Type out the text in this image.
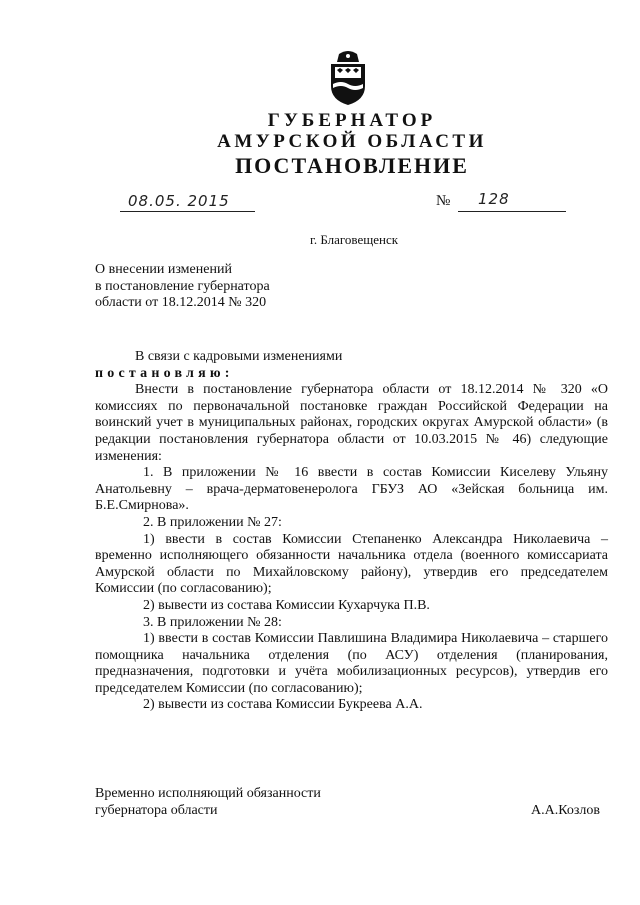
ГУБЕРНАТОР
АМУРСКОЙ ОБЛАСТИ
ПОСТАНОВЛЕНИЕ
08.05. 2015	№ 128
г. Благовещенск
О внесении изменений
в постановление губернатора
области от 18.12.2014 № 320

В связи с кадровыми изменениями

постановляю:

Внести в постановление губернатора области от 18.12.2014 № 320 «О комиссиях по первоначальной постановке граждан Российской Федерации на воинский учет в муниципальных районах, городских округах Амурской области» (в редакции постановления губернатора области от 10.03.2015 № 46) следующие изменения:

1. В приложении № 16 ввести в состав Комиссии Киселеву Ульяну Анатольевну – врача-дерматовенеролога ГБУЗ АО «Зейская больница им. Б.Е.Смирнова».

2. В приложении № 27:

1) ввести в состав Комиссии Степаненко Александра Николаевича – временно исполняющего обязанности начальника отдела (военного комиссариата Амурской области по Михайловскому району), утвердив его председателем Комиссии (по согласованию);

2) вывести из состава Комиссии Кухарчука П.В.

3. В приложении № 28:

1) ввести в состав Комиссии Павлишина Владимира Николаевича – старшего помощника начальника отделения (по АСУ) отделения (планирования, предназначения, подготовки и учёта мобилизационных ресурсов), утвердив его председателем Комиссии (по согласованию);

2) вывести из состава Комиссии Букреева А.А.

Временно исполняющий обязанности
губернатора области	А.А.Козлов
